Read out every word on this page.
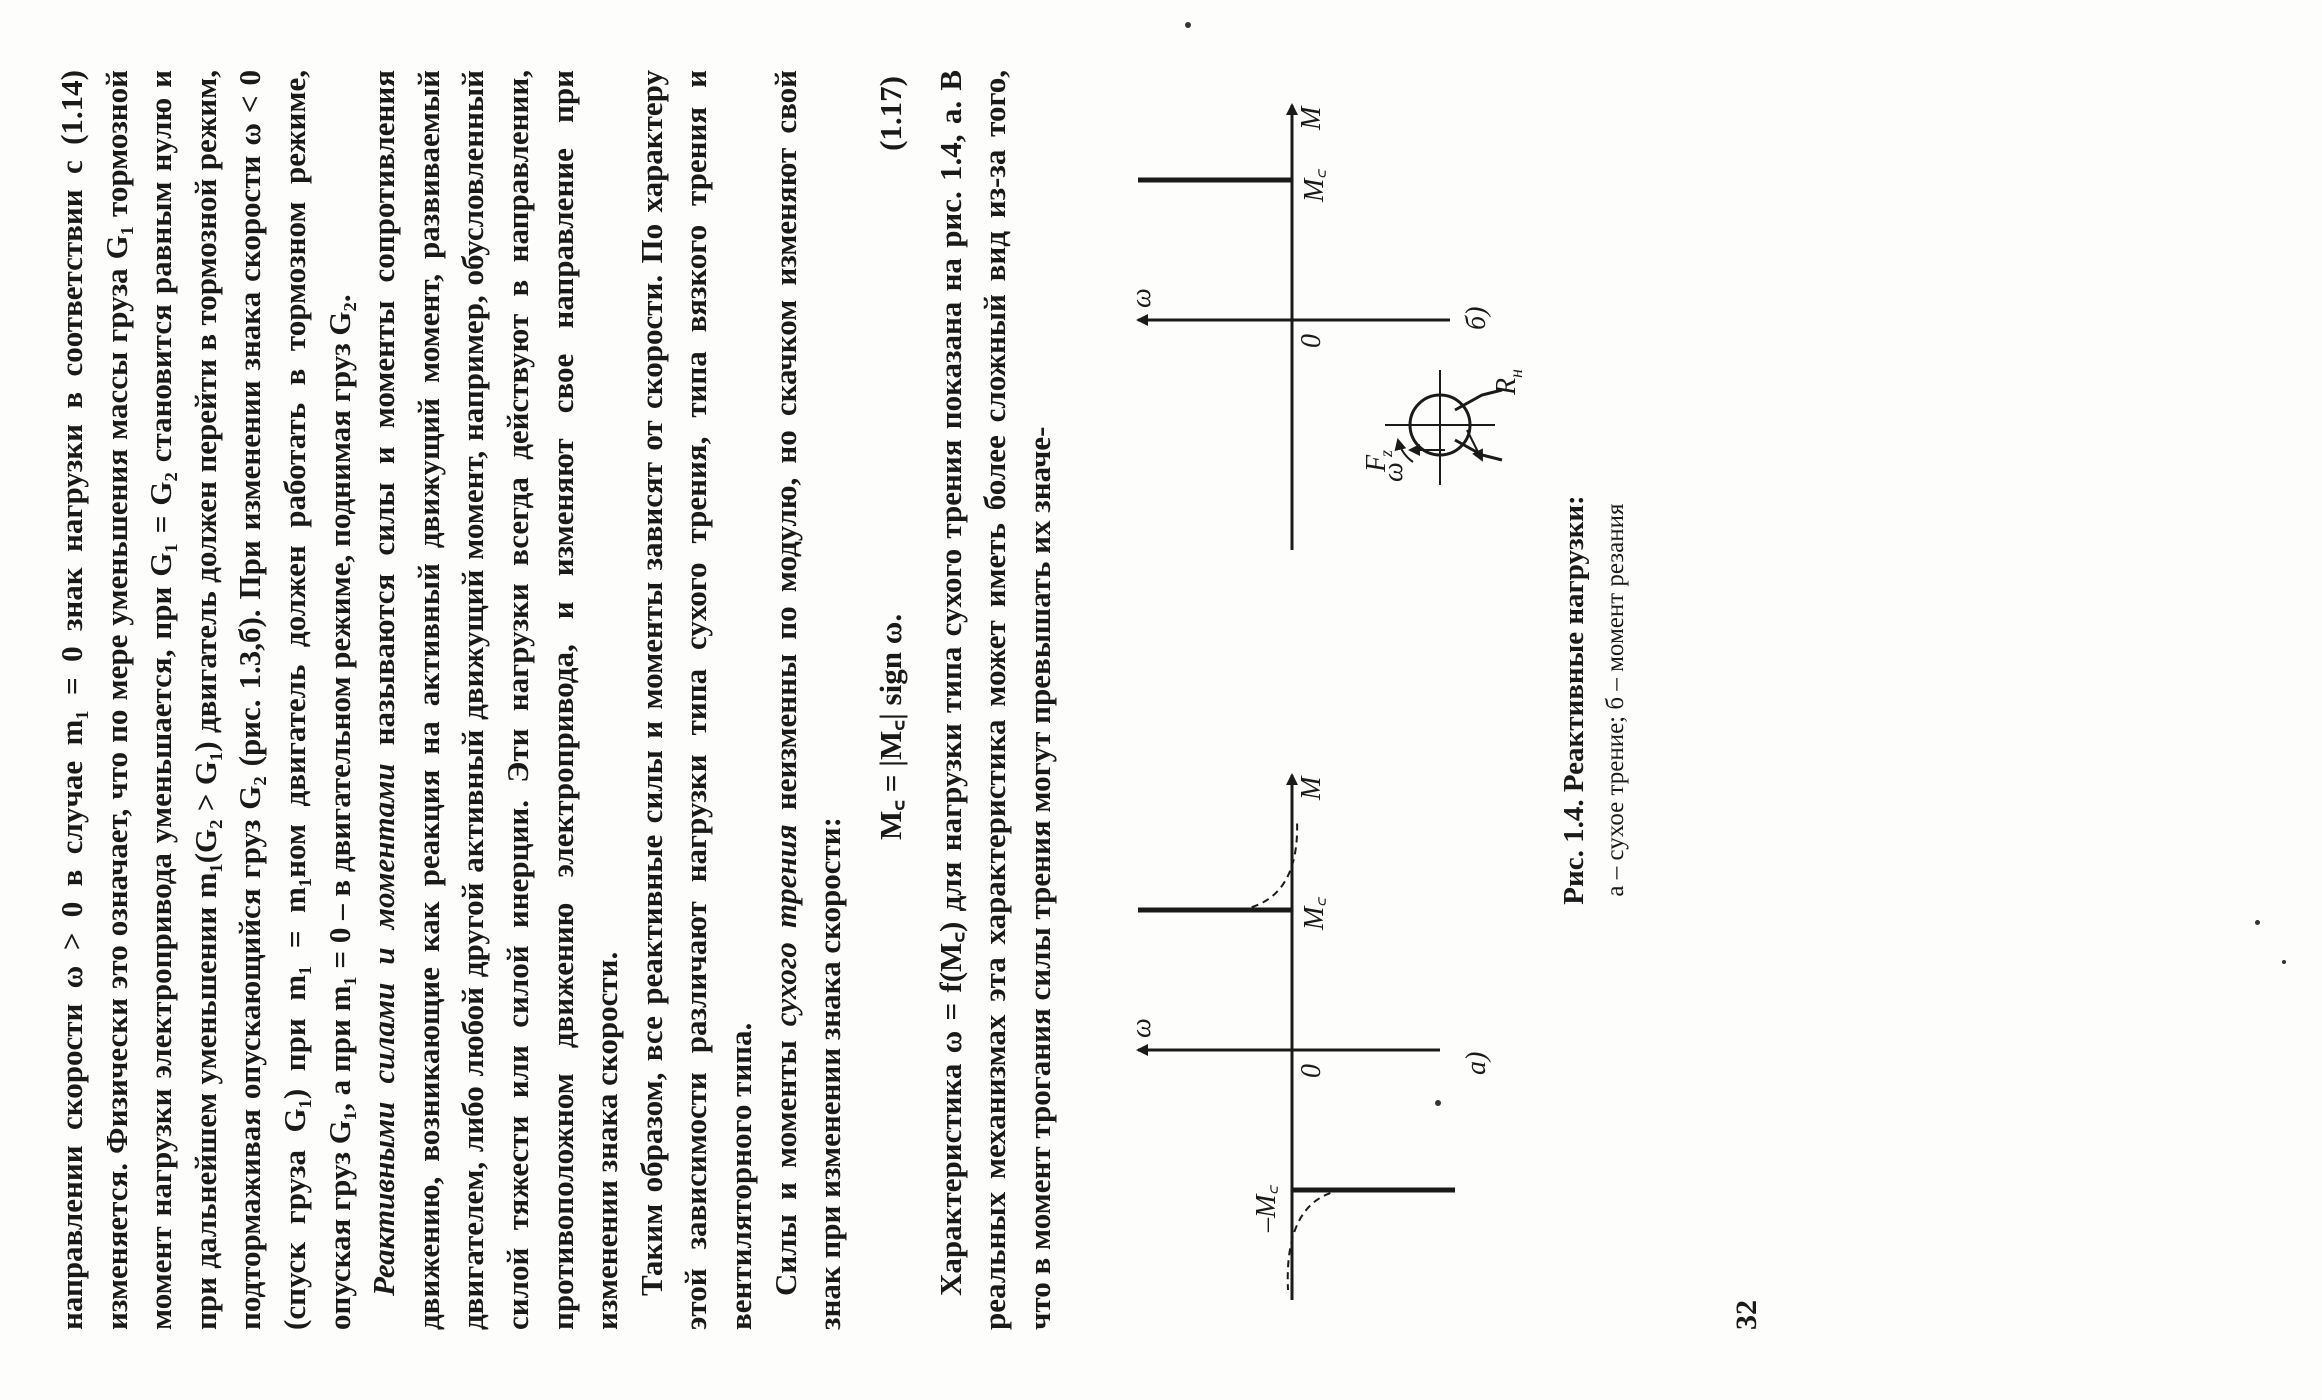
направлении скорости ω > 0 в случае m₁ = 0 знак нагрузки в соответствии с (1.14) изменяется. Физически это означает, что по мере уменьшения массы груза G₁ тормозной момент нагрузки электропривода уменьшается, при G₁ = G₂ становится равным нулю и при дальнейшем уменьшении m₁(G₂ > G₁) двигатель должен перейти в тормозной режим, подтормаживая опускающийся груз G₂ (рис. 1.3,б). При изменении знака скорости ω < 0 (спуск груза G₁) при m₁ = m₁ном двигатель должен работать в тормозном режиме, опуская груз G₁, а при m₁ = 0 – в двигательном режиме, поднимая груз G₂. Реактивными силами и моментами называются силы и моменты сопротивления движению, возникающие как реакция на активный движущий момент, развиваемый двигателем, либо любой другой активный движущий момент, например, обусловленный силой тяжести или силой инерции. Эти нагрузки всегда действуют в направлении, противоположном движению электропривода, и изменяют свое направление при изменении знака скорости. Таким образом, все реактивные силы и моменты зависят от скорости. По характеру этой зависимости различают нагрузки типа сухого трения, типа вязкого трения и вентиляторного типа. Силы и моменты сухого трения неизменны по модулю, но скачком изменяют свой знак при изменении знака скорости:

M꜀ = |M꜀| sign ω.
(1.17) Характеристика ω = f(M꜀) для нагрузки типа сухого трения показана на рис. 1.4, а. В реальных механизмах эта характеристика может иметь более сложный вид из-за того, что в момент трогания силы трения могут превышать их значе- ω
M
0
M꜀
–M꜀
а)
ω
M
0
M꜀
б)
ω
F
z
R
н
Рис. 1.4. Реактивные нагрузки: а – сухое трение; б – момент резания
32
